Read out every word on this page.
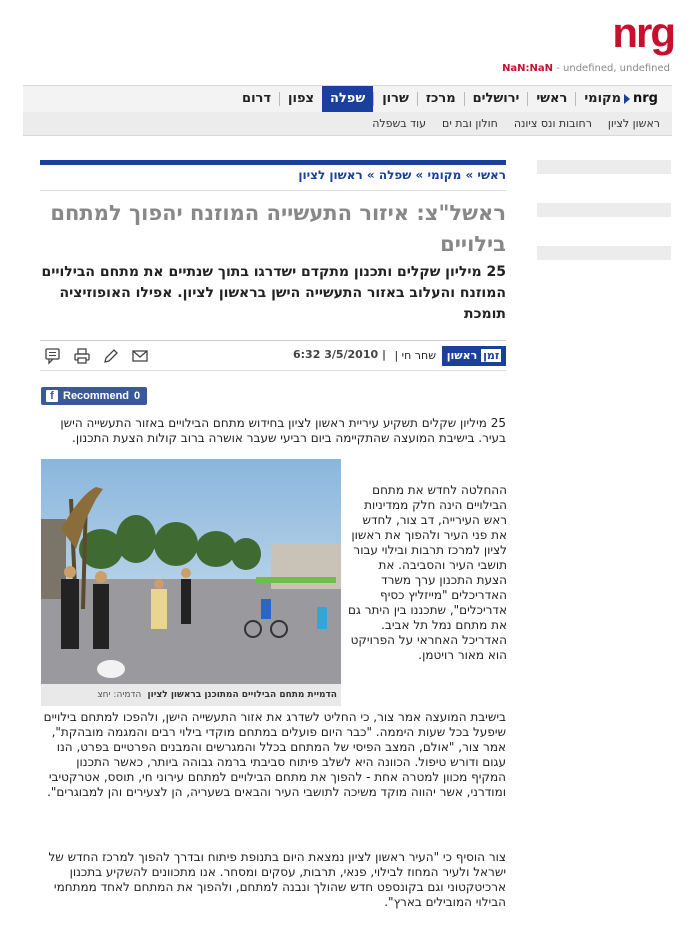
nrg
NaN:NaN - undefined, undefined
nrg
מקומי
ראשי
ירושלים
מרכז
שרון
שפלה
צפון
דרום
ראשון לציון
רחובות ונס ציונה
חולון ובת ים
עוד בשפלה
ראשי » מקומי » שפלה » ראשון לציון
ראשל"צ: איזור התעשייה המוזנח יהפוך למתחם בילויים
25 מיליון שקלים ותכנון מתקדם ישדרגו בתוך שנתיים את מתחם הבילויים המוזנח והעלוב באזור התעשייה הישן בראשון לציון. אפילו האופוזיציה תומכת
זמן ראשון
שחר חי |
6:32 3/5/2010 |
f Recommend 0
25 מיליון שקלים תשקיע עיריית ראשון לציון בחידוש מתחם הבילויים באזור התעשייה הישן בעיר. בישיבת המועצה שהתקיימה ביום רביעי שעבר אושרה ברוב קולות הצעת התכנון.
ההחלטה לחדש את מתחם הבילויים הינה חלק ממדיניות ראש העירייה, דב צור, לחדש את פני העיר ולהפוך את ראשון לציון למרכז תרבות ובילוי עבור תושבי העיר והסביבה. את הצעת התכנון ערך משרד האדריכלים "מייזליץ כסיף אדריכלים", שתכננו בין היתר גם את מתחם נמל תל אביב. האדריכל האחראי על הפרויקט הוא מאור רויטמן.
הדמיית מתחם הבילויים המתוכנן בראשון לציון  הדמיה: יחצ
בישיבת המועצה אמר צור, כי החליט לשדרג את אזור התעשייה הישן, ולהפכו למתחם בילויים שיפעל בכל שעות היממה. "כבר היום פועלים במתחם מוקדי בילוי רבים והמגמה מובהקת", אמר צור, "אולם, המצב הפיסי של המתחם בכלל והמגרשים והמבנים הפרטיים בפרט, הנו עגום ודורש טיפול. הכוונה היא לשלב פיתוח סביבתי ברמה גבוהה ביותר, כאשר התכנון המקיף מכוון למטרה אחת - להפוך את מתחם הבילויים למתחם עירוני חי, תוסס, אטרקטיבי ומודרני, אשר יהווה מוקד משיכה לתושבי העיר והבאים בשעריה, הן לצעירים והן למבוגרים".
צור הוסיף כי "העיר ראשון לציון נמצאת היום בתנופת פיתוח ובדרך להפוך למרכז החדש של ישראל ולעיר המחוז לבילוי, פנאי, תרבות, עסקים ומסחר. אנו מתכוונים להשקיע בתכנון ארכיטקטוני וגם בקונספט חדש שהולך ונבנה למתחם, ולהפוך את המתחם לאחד ממתחמי הבילוי המובילים בארץ".
